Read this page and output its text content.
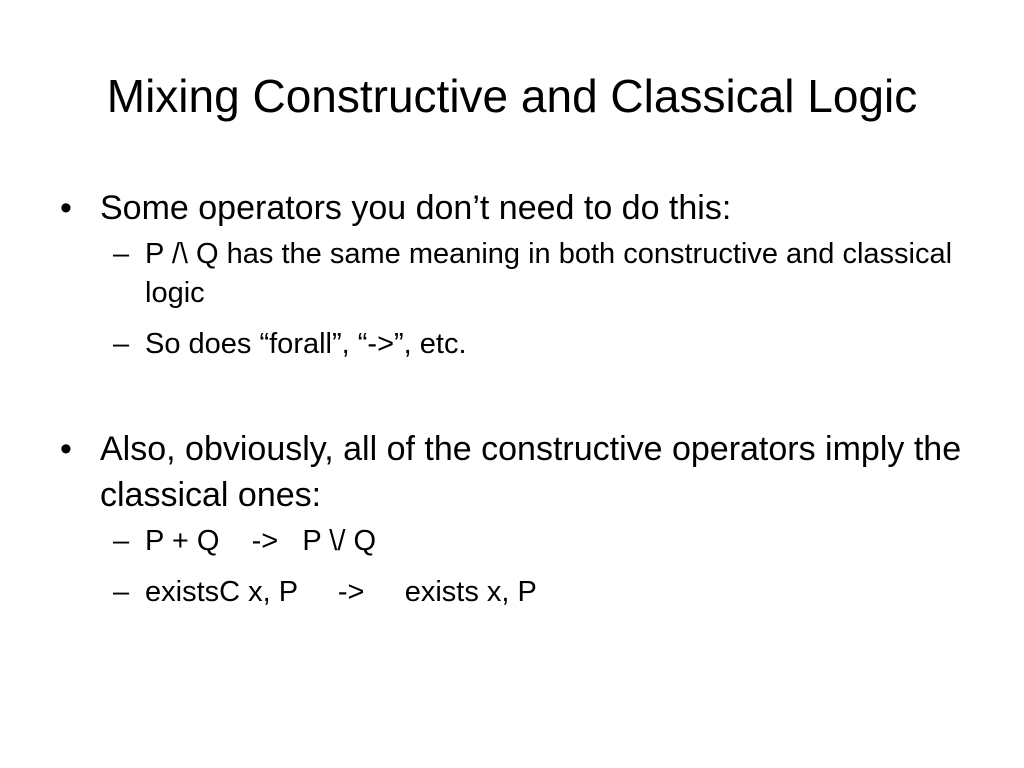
Mixing Constructive and Classical Logic
• Some operators you don’t need to do this:
– P /\ Q has the same meaning in both constructive and classical logic
– So does “forall”, “->”, etc.
• Also, obviously, all of the constructive operators imply the classical ones:
– P + Q    ->   P \/ Q
– existsC x, P     ->     exists x, P
